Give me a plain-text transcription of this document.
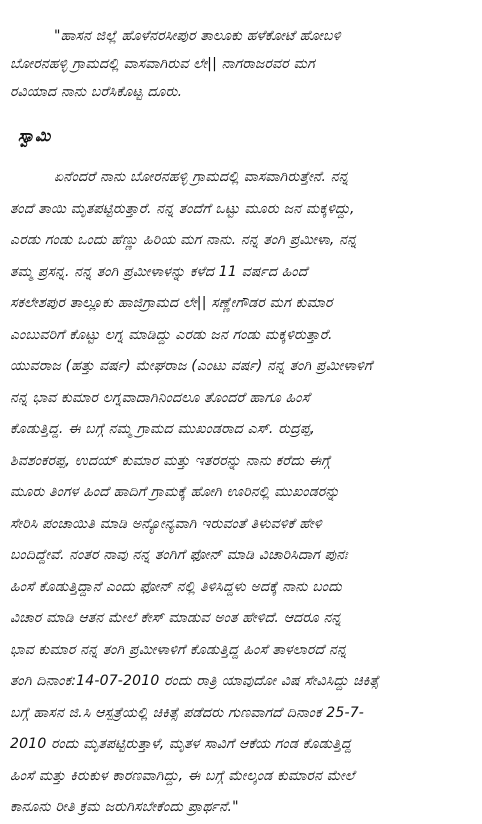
"ಹಾಸನ ಜಿಲ್ಲೆ ಹೊಳೆನರಸೀಪುರ ತಾಲೂಕು ಹಳೆಕೋಟೆ ಹೋಬಳಿ
ಬೋರನಹಳ್ಳಿ ಗ್ರಾಮದಲ್ಲಿ ವಾಸವಾಗಿರುವ ಲೇ|| ನಾಗರಾಜರವರ ಮಗ
ರವಿಯಾದ ನಾನು ಬರೆಸಿಕೊಟ್ಟ ದೂರು.

ಸ್ವಾಮಿ

ಏನೆಂದರೆ ನಾನು ಬೋರನಹಳ್ಳಿ ಗ್ರಾಮದಲ್ಲಿ ವಾಸವಾಗಿರುತ್ತೇನೆ. ನನ್ನ
ತಂದೆ ತಾಯಿ ಮೃತಪಟ್ಟಿರುತ್ತಾರೆ. ನನ್ನ ತಂದೆಗೆ ಒಟ್ಟು ಮೂರು ಜನ ಮಕ್ಕಳಿದ್ದು,
ಎರಡು ಗಂಡು ಒಂದು ಹೆಣ್ಣು ಹಿರಿಯ ಮಗ ನಾನು. ನನ್ನ ತಂಗಿ ಪ್ರಮೀಳಾ, ನನ್ನ
ತಮ್ಮ ಪ್ರಸನ್ನ. ನನ್ನ ತಂಗಿ ಪ್ರಮೀಳಾಳನ್ನು ಕಳೆದ 11 ವರ್ಷದ ಹಿಂದೆ
ಸಕಲೇಶಪುರ ತಾಲ್ಲೂಕು ಹಾಜಿಗ್ರಾಮದ ಲೇ|| ಸಣ್ಣೇಗೌಡರ ಮಗ ಕುಮಾರ
ಎಂಬುವರಿಗೆ ಕೊಟ್ಟು ಲಗ್ನ ಮಾಡಿದ್ದು ಎರಡು ಜನ ಗಂಡು ಮಕ್ಕಳಿರುತ್ತಾರೆ.
ಯುವರಾಜ (ಹತ್ತು ವರ್ಷ) ಮೇಘರಾಜ (ಎಂಟು ವರ್ಷ) ನನ್ನ ತಂಗಿ ಪ್ರಮೀಳಾಳಿಗೆ
ನನ್ನ ಭಾವ ಕುಮಾರ ಲಗ್ನವಾದಾಗಿನಿಂದಲೂ ತೊಂದರೆ ಹಾಗೂ ಹಿಂಸೆ
ಕೊಡುತ್ತಿದ್ದ. ಈ ಬಗ್ಗೆ ನಮ್ಮ ಗ್ರಾಮದ ಮುಖಂಡರಾದ ಎಸ್. ರುದ್ರಪ್ಪ,
ಶಿವಶಂಕರಪ್ಪ, ಉದಯ್ ಕುಮಾರ ಮತ್ತು ಇತರರನ್ನು ನಾನು ಕರೆದು ಈಗ್ಗೆ
ಮೂರು ತಿಂಗಳ ಹಿಂದೆ ಹಾದಿಗೆ ಗ್ರಾಮಕ್ಕೆ ಹೋಗಿ ಊರಿನಲ್ಲಿ ಮುಖಂಡರನ್ನು
ಸೇರಿಸಿ ಪಂಚಾಯಿತಿ ಮಾಡಿ ಅನ್ಯೋನ್ಯವಾಗಿ ಇರುವಂತೆ ತಿಳುವಳಿಕೆ ಹೇಳಿ
ಬಂದಿದ್ದೇವೆ. ನಂತರ ನಾವು ನನ್ನ ತಂಗಿಗೆ ಫೋನ್ ಮಾಡಿ ವಿಚಾರಿಸಿದಾಗ ಪುನಃ
ಹಿಂಸೆ ಕೊಡುತ್ತಿದ್ದಾನೆ ಎಂದು ಫೋನ್ ನಲ್ಲಿ ತಿಳಿಸಿದ್ದಳು ಅದಕ್ಕೆ ನಾನು ಬಂದು
ವಿಚಾರ ಮಾಡಿ ಆತನ ಮೇಲೆ ಕೇಸ್ ಮಾಡುವ ಅಂತ ಹೇಳಿದೆ. ಆದರೂ ನನ್ನ
ಭಾವ ಕುಮಾರ ನನ್ನ ತಂಗಿ ಪ್ರಮೀಳಾಳಿಗೆ ಕೊಡುತ್ತಿದ್ದ ಹಿಂಸೆ ತಾಳಲಾರದೆ ನನ್ನ
ತಂಗಿ ದಿನಾಂಕ:14-07-2010 ರಂದು ರಾತ್ರಿ ಯಾವುದೋ ವಿಷ ಸೇವಿಸಿದ್ದು ಚಿಕಿತ್ಸೆ
ಬಗ್ಗೆ ಹಾಸನ ಜಿ.ಸಿ ಆಸ್ಪತ್ರೆಯಲ್ಲಿ ಚಿಕಿತ್ಸೆ ಪಡೆದರು ಗುಣವಾಗದೆ ದಿನಾಂಕ 25-7-
2010 ರಂದು ಮೃತಪಟ್ಟಿರುತ್ತಾಳೆ, ಮೃತಳ ಸಾವಿಗೆ ಆಕೆಯ ಗಂಡ ಕೊಡುತ್ತಿದ್ದ
ಹಿಂಸೆ ಮತ್ತು ಕಿರುಕುಳ ಕಾರಣವಾಗಿದ್ದು, ಈ ಬಗ್ಗೆ ಮೇಲ್ಕಂಡ ಕುಮಾರನ ಮೇಲೆ
ಕಾನೂನು ರೀತಿ ಕ್ರಮ ಜರುಗಿಸಬೇಕೆಂದು ಪ್ರಾರ್ಥನೆ."
